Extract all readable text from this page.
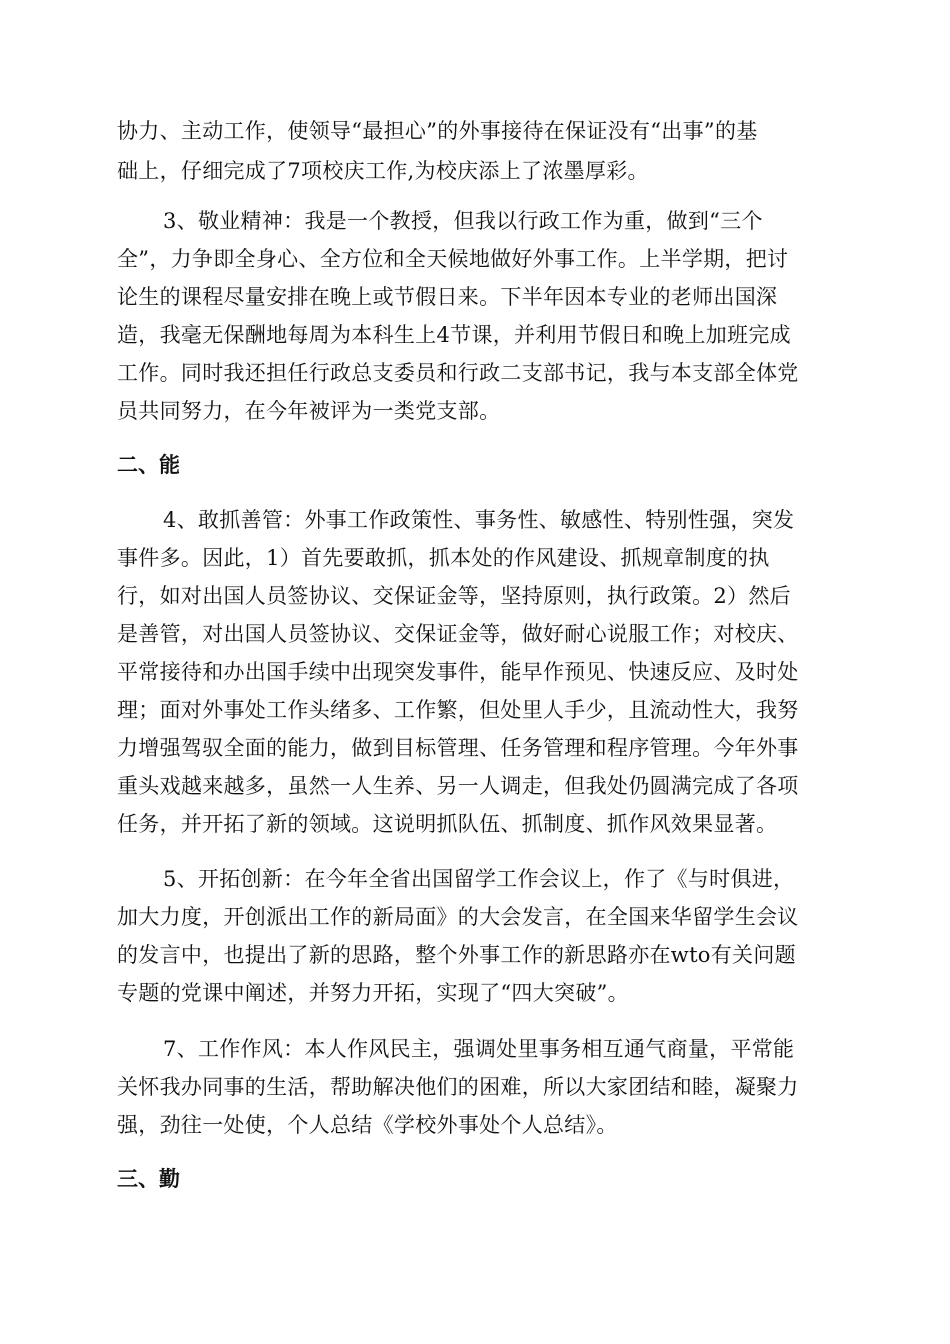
协力、主动工作，使领导“最担心”的外事接待在保证没有“出事”的基
础上，仔细完成了7项校庆工作,为校庆添上了浓墨厚彩。
3、敬业精神：我是一个教授，但我以行政工作为重，做到“三个
全”，力争即全身心、全方位和全天候地做好外事工作。上半学期，把讨
论生的课程尽量安排在晚上或节假日来。下半年因本专业的老师出国深
造，我毫无保酬地每周为本科生上4节课，并利用节假日和晚上加班完成
工作。同时我还担任行政总支委员和行政二支部书记，我与本支部全体党
员共同努力，在今年被评为一类党支部。
二、能
4、敢抓善管：外事工作政策性、事务性、敏感性、特别性强，突发
事件多。因此，1）首先要敢抓，抓本处的作风建设、抓规章制度的执
行，如对出国人员签协议、交保证金等，坚持原则，执行政策。2）然后
是善管，对出国人员签协议、交保证金等，做好耐心说服工作；对校庆、
平常接待和办出国手续中出现突发事件，能早作预见、快速反应、及时处
理；面对外事处工作头绪多、工作繁，但处里人手少，且流动性大，我努
力增强驾驭全面的能力，做到目标管理、任务管理和程序管理。今年外事
重头戏越来越多，虽然一人生养、另一人调走，但我处仍圆满完成了各项
任务，并开拓了新的领域。这说明抓队伍、抓制度、抓作风效果显著。
5、开拓创新：在今年全省出国留学工作会议上，作了《与时俱进，
加大力度，开创派出工作的新局面》的大会发言，在全国来华留学生会议
的发言中，也提出了新的思路，整个外事工作的新思路亦在wto有关问题
专题的党课中阐述，并努力开拓，实现了“四大突破”。
7、工作作风：本人作风民主，强调处里事务相互通气商量，平常能
关怀我办同事的生活，帮助解决他们的困难，所以大家团结和睦，凝聚力
强，劲往一处使，个人总结《学校外事处个人总结》。
三、勤
